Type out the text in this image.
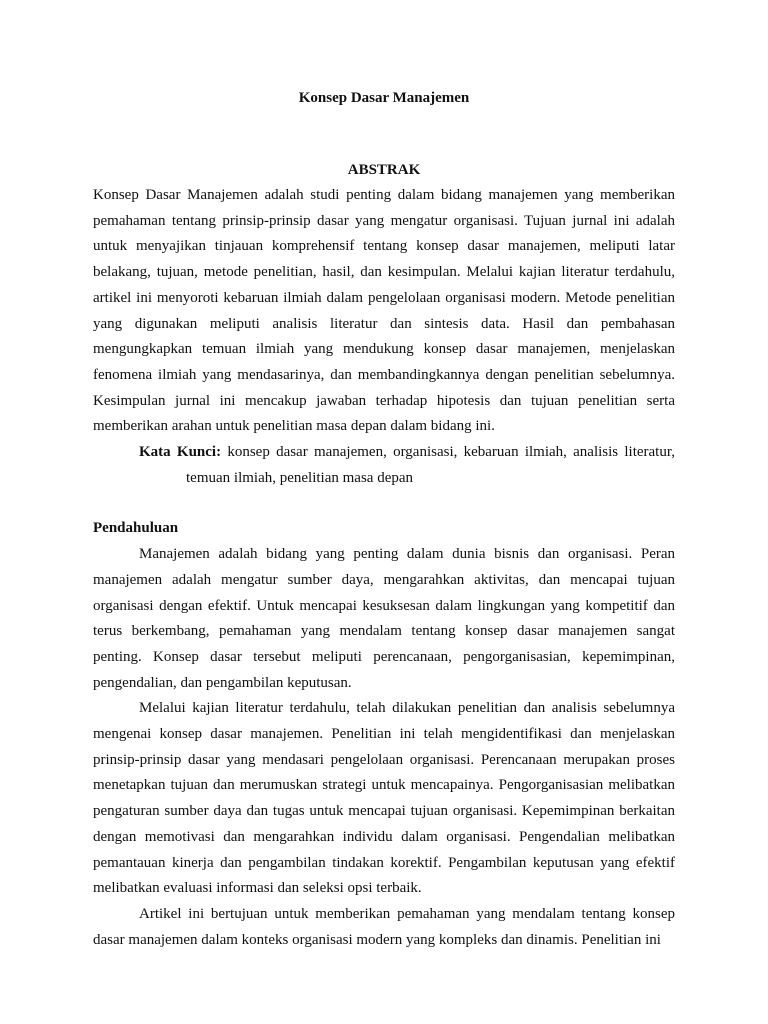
Konsep Dasar Manajemen

ABSTRAK

Konsep Dasar Manajemen adalah studi penting dalam bidang manajemen yang memberikan pemahaman tentang prinsip-prinsip dasar yang mengatur organisasi. Tujuan jurnal ini adalah untuk menyajikan tinjauan komprehensif tentang konsep dasar manajemen, meliputi latar belakang, tujuan, metode penelitian, hasil, dan kesimpulan. Melalui kajian literatur terdahulu, artikel ini menyoroti kebaruan ilmiah dalam pengelolaan organisasi modern. Metode penelitian yang digunakan meliputi analisis literatur dan sintesis data. Hasil dan pembahasan mengungkapkan temuan ilmiah yang mendukung konsep dasar manajemen, menjelaskan fenomena ilmiah yang mendasarinya, dan membandingkannya dengan penelitian sebelumnya. Kesimpulan jurnal ini mencakup jawaban terhadap hipotesis dan tujuan penelitian serta memberikan arahan untuk penelitian masa depan dalam bidang ini.

Kata Kunci: konsep dasar manajemen, organisasi, kebaruan ilmiah, analisis literatur, temuan ilmiah, penelitian masa depan

Pendahuluan

Manajemen adalah bidang yang penting dalam dunia bisnis dan organisasi. Peran manajemen adalah mengatur sumber daya, mengarahkan aktivitas, dan mencapai tujuan organisasi dengan efektif. Untuk mencapai kesuksesan dalam lingkungan yang kompetitif dan terus berkembang, pemahaman yang mendalam tentang konsep dasar manajemen sangat penting. Konsep dasar tersebut meliputi perencanaan, pengorganisasian, kepemimpinan, pengendalian, dan pengambilan keputusan.

Melalui kajian literatur terdahulu, telah dilakukan penelitian dan analisis sebelumnya mengenai konsep dasar manajemen. Penelitian ini telah mengidentifikasi dan menjelaskan prinsip-prinsip dasar yang mendasari pengelolaan organisasi. Perencanaan merupakan proses menetapkan tujuan dan merumuskan strategi untuk mencapainya. Pengorganisasian melibatkan pengaturan sumber daya dan tugas untuk mencapai tujuan organisasi. Kepemimpinan berkaitan dengan memotivasi dan mengarahkan individu dalam organisasi. Pengendalian melibatkan pemantauan kinerja dan pengambilan tindakan korektif. Pengambilan keputusan yang efektif melibatkan evaluasi informasi dan seleksi opsi terbaik.

Artikel ini bertujuan untuk memberikan pemahaman yang mendalam tentang konsep dasar manajemen dalam konteks organisasi modern yang kompleks dan dinamis. Penelitian ini
